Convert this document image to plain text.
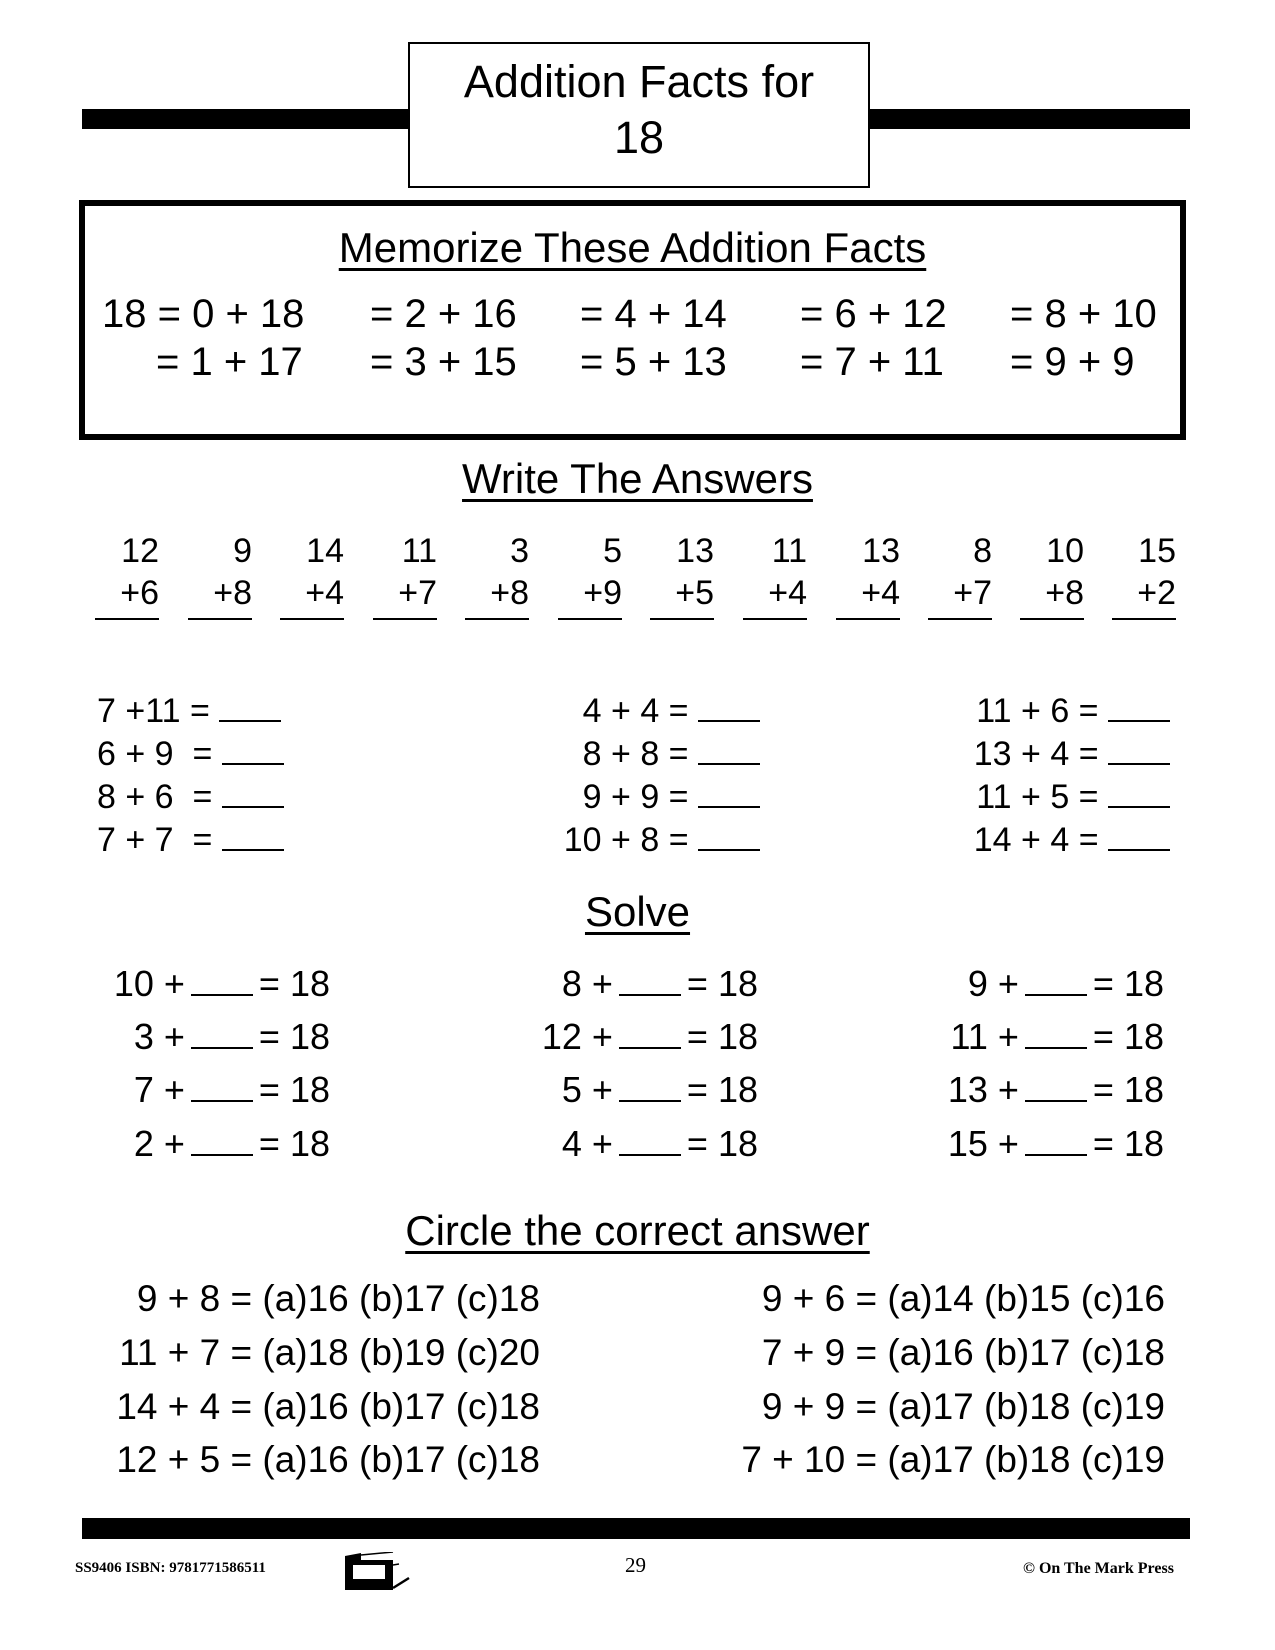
Addition Facts for
18
Memorize These Addition Facts
18 = 0 + 18 = 2 + 16 = 4 + 14 = 6 + 12 = 8 + 10
= 1 + 17 = 3 + 15 = 5 + 13 = 7 + 11 = 9 + 9
Write The Answers
12
+6
9
+8
14
+4
11
+7
3
+8
5
+9
13
+5
11
+4
13
+4
8
+7
10
+8
15
+2
7 +11 =
6 + 9  =
8 + 6  =
7 + 7  =
4 + 4 =
8 + 8 =
9 + 9 =
10 + 8 =
11 + 6 =
13 + 4 =
11 + 5 =
14 + 4 =
Solve
10 + = 18
3 + = 18
7 + = 18
2 + = 18
8 + = 18
12 + = 18
5 + = 18
4 + = 18
9 + = 18
11 + = 18
13 + = 18
15 + = 18
Circle the correct answer
9 + 8 = (a)16 (b)17 (c)18
11 + 7 = (a)18 (b)19 (c)20
14 + 4 = (a)16 (b)17 (c)18
12 + 5 = (a)16 (b)17 (c)18
9 + 6 = (a)14 (b)15 (c)16
7 + 9 = (a)16 (b)17 (c)18
9 + 9 = (a)17 (b)18 (c)19
7 + 10 = (a)17 (b)18 (c)19
SS9406 ISBN: 9781771586511	29	© On The Mark Press
